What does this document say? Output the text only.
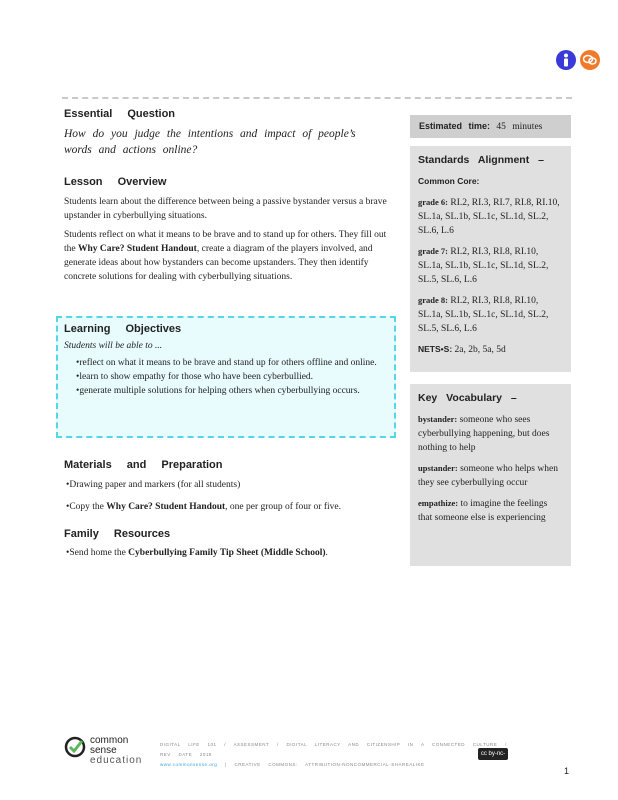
Essential Question
How do you judge the intentions and impact of people’s words and actions online?
Lesson Overview
Students learn about the difference between being a passive bystander versus a brave upstander in cyberbullying situations.
Students reflect on what it means to be brave and to stand up for others. They fill out the Why Care? Student Handout, create a diagram of the players involved, and generate ideas about how bystanders can become upstanders. They then identify concrete solutions for dealing with cyberbullying situations.
Learning Objectives
Students will be able to ...
•reflect on what it means to be brave and stand up for others offline and online.
•learn to show empathy for those who have been cyberbullied.
•generate multiple solutions for helping others when cyberbullying occurs.
Materials and Preparation
•Drawing paper and markers (for all students)
•Copy the Why Care? Student Handout, one per group of four or five.
Family Resources
•Send home the Cyberbullying Family Tip Sheet (Middle School).
Estimated time: 45 minutes
Standards Alignment –
Common Core:
grade 6: RI.2, RI.3, RI.7, RI.8, RI.10, SL.1a, SL.1b, SL.1c, SL.1d, SL.2, SL.6, L.6
grade 7: RI.2, RI.3, RI.8, RI.10, SL.1a, SL.1b, SL.1c, SL.1d, SL.2, SL.5, SL.6, L.6
grade 8: RI.2, RI.3, RI.8, RI.10, SL.1a, SL.1b, SL.1c, SL.1d, SL.2, SL.5, SL.6, L.6
NETS•S: 2a, 2b, 5a, 5d
Key Vocabulary –
bystander: someone who sees cyberbullying happening, but does nothing to help
upstander: someone who helps when they see cyberbullying occur
empathize: to imagine the feelings that someone else is experiencing
common
sense
education
DIGITAL LIFE 101 / ASSESSMENT / DIGITAL LITERACY AND CITIZENSHIP IN A CONNECTED CULTURE / REV DATE 2015
www.commonsense.org | CREATIVE COMMONS: ATTRIBUTION-NONCOMMERCIAL-SHAREALIKE
cc by-nc-sa	1
